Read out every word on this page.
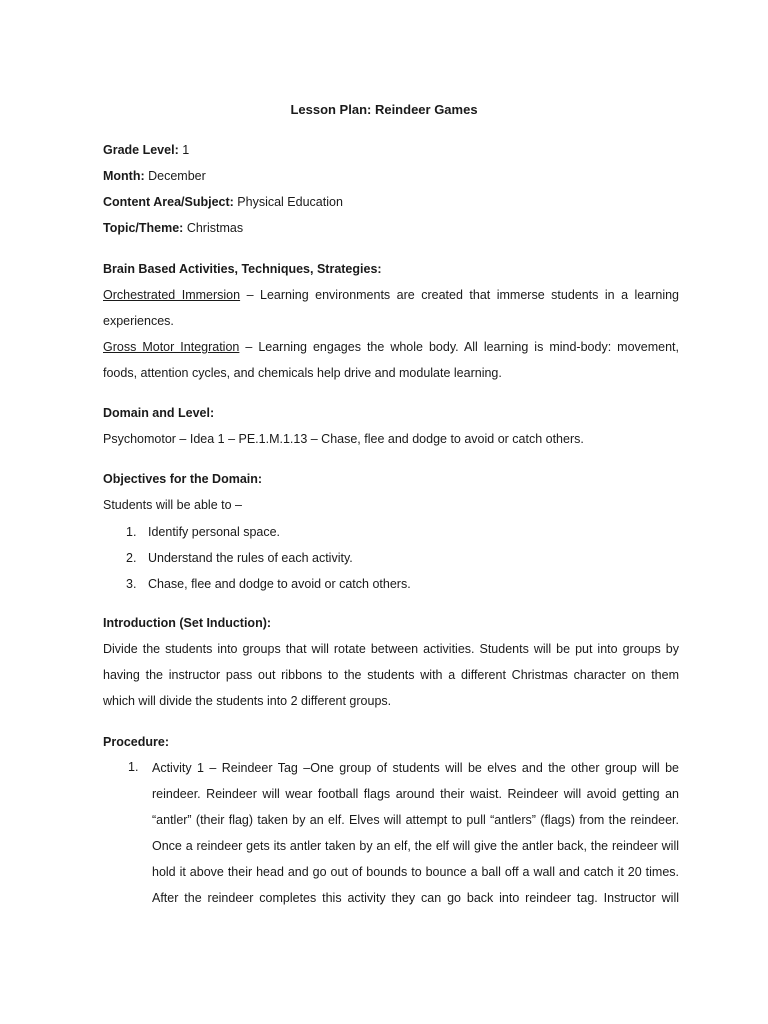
Lesson Plan: Reindeer Games
Grade Level: 1
Month: December
Content Area/Subject: Physical Education
Topic/Theme: Christmas
Brain Based Activities, Techniques, Strategies:
Orchestrated Immersion – Learning environments are created that immerse students in a learning
experiences.
Gross Motor Integration – Learning engages the whole body. All learning is mind-body: movement,
foods, attention cycles, and chemicals help drive and modulate learning.
Domain and Level:
Psychomotor – Idea 1 – PE.1.M.1.13 – Chase, flee and dodge to avoid or catch others.
Objectives for the Domain:
Students will be able to –
1. Identify personal space.
2. Understand the rules of each activity.
3. Chase, flee and dodge to avoid or catch others.
Introduction (Set Induction):
Divide the students into groups that will rotate between activities. Students will be put into groups by
having the instructor pass out ribbons to the students with a different Christmas character on them
which will divide the students into 2 different groups.
Procedure:
1. Activity 1 – Reindeer Tag –One group of students will be elves and the other group will be
reindeer. Reindeer will wear football flags around their waist. Reindeer will avoid getting an
“antler” (their flag) taken by an elf. Elves will attempt to pull “antlers” (flags) from the reindeer.
Once a reindeer gets its antler taken by an elf, the elf will give the antler back, the reindeer will
hold it above their head and go out of bounds to bounce a ball off a wall and catch it 20 times.
After the reindeer completes this activity they can go back into reindeer tag. Instructor will
